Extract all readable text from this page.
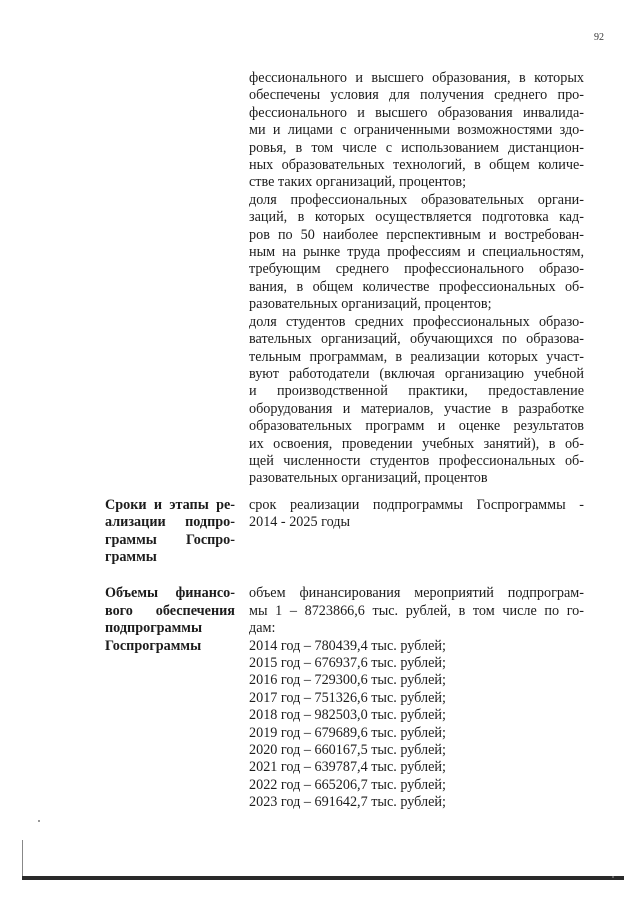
92
фессионального и высшего образования, в которых
обеспечены условия для получения среднего про-
фессионального и высшего образования инвалида-
ми и лицами с ограниченными возможностями здо-
ровья, в том числе с использованием дистанцион-
ных образовательных технологий, в общем количе-
стве таких организаций, процентов;
доля профессиональных образовательных органи-
заций, в которых осуществляется подготовка кад-
ров по 50 наиболее перспективным и востребован-
ным на рынке труда профессиям и специальностям,
требующим среднего профессионального образо-
вания, в общем количестве профессиональных об-
разовательных организаций, процентов;
доля студентов средних профессиональных образо-
вательных организаций, обучающихся по образова-
тельным программам, в реализации которых участ-
вуют работодатели (включая организацию учебной
и производственной практики, предоставление
оборудования и материалов, участие в разработке
образовательных программ и оценке результатов
их освоения, проведении учебных занятий), в об-
щей численности студентов профессиональных об-
разовательных организаций, процентов
Сроки и этапы ре-
ализации подпро-
граммы Госпро-
граммы
срок реализации подпрограммы Госпрограммы -
2014 - 2025 годы
Объемы финансо-
вого обеспечения
подпрограммы
Госпрограммы
объем финансирования мероприятий подпрограм-
мы 1 – 8723866,6 тыс. рублей, в том числе по го-
дам:
2014 год – 780439,4 тыс. рублей;
2015 год – 676937,6 тыс. рублей;
2016 год – 729300,6 тыс. рублей;
2017 год – 751326,6 тыс. рублей;
2018 год – 982503,0 тыс. рублей;
2019 год – 679689,6 тыс. рублей;
2020 год – 660167,5 тыс. рублей;
2021 год – 639787,4 тыс. рублей;
2022 год – 665206,7 тыс. рублей;
2023 год – 691642,7 тыс. рублей;
